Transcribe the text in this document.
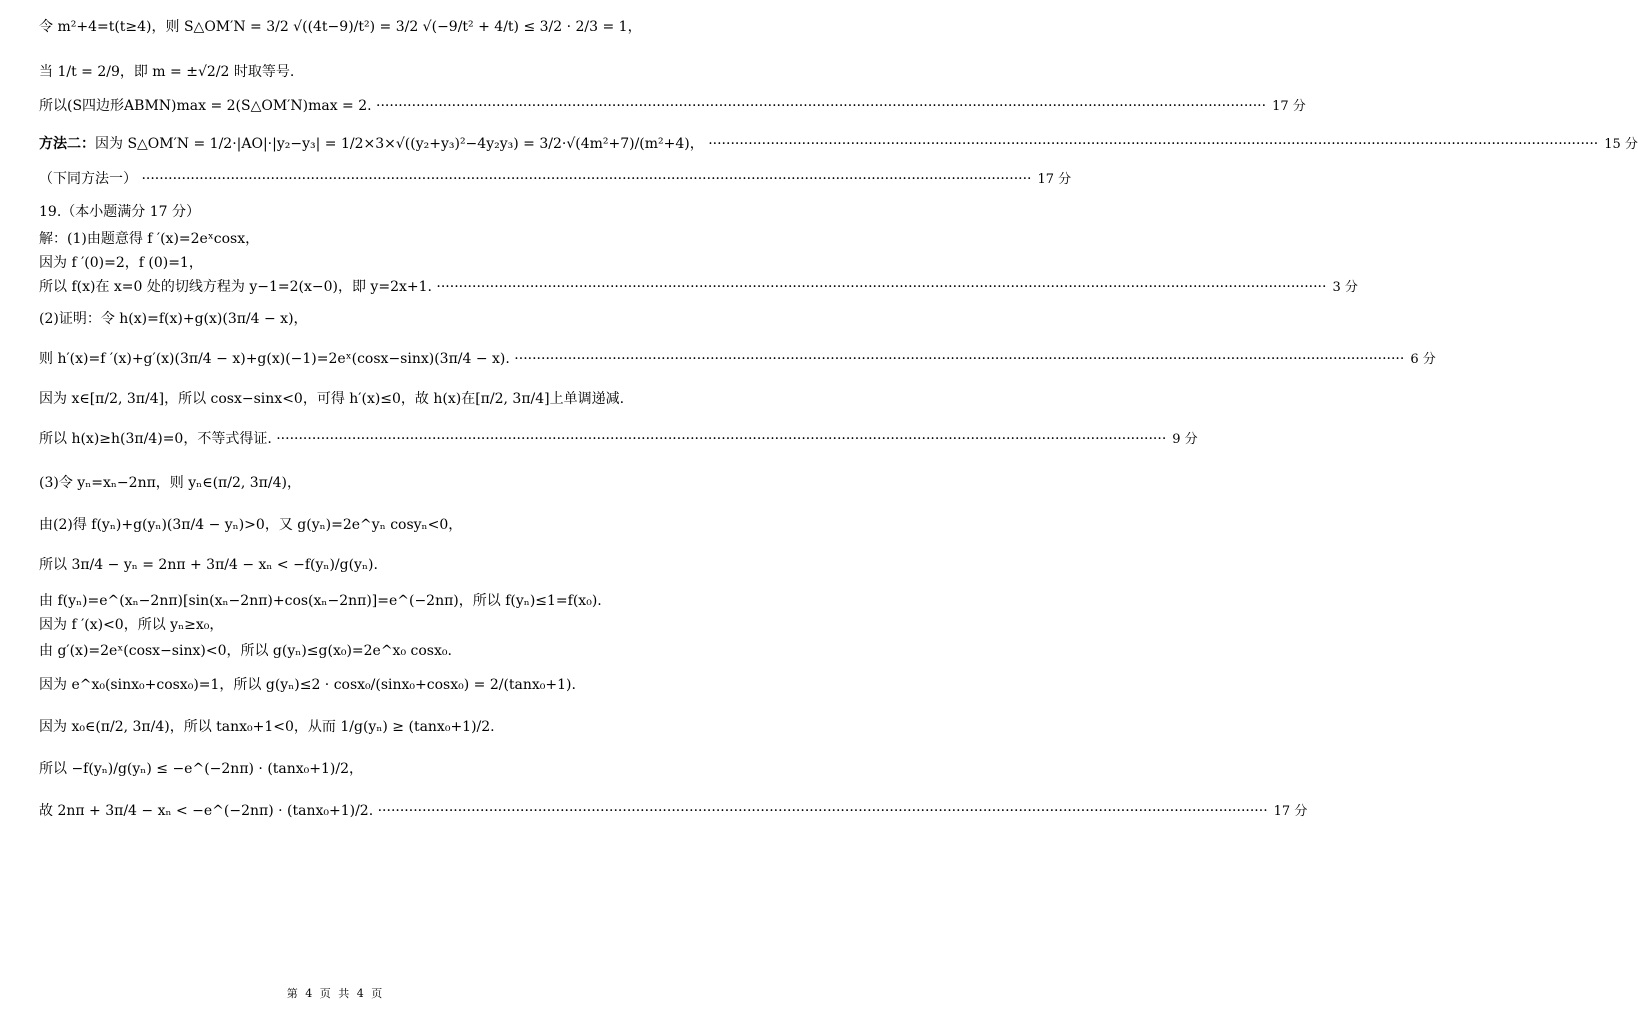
令 m²+4=t(t≥4)，则 S△OM′N = 3/2 √((4t−9)/t²) = 3/2 √(−9/t² + 4/t) ≤ 3/2 · 2/3 = 1，
当 1/t = 2/9，即 m = ±√2/2 时取等号.
所以(S四边形ABMN)max = 2(S△OM′N)max = 2. ········································································································································································································ 17 分
方法二：因为 S△OM′N = 1/2·|AO|·|y₂−y₃| = 1/2×3×√((y₂+y₃)²−4y₂y₃) = 3/2·√(4m²+7)/(m²+4)， ········································································································································································································ 15 分
（下同方法一） ········································································································································································································ 17 分
19.（本小题满分 17 分）
解：(1)由题意得 f ′(x)=2eˣcosx，
因为 f ′(0)=2，f (0)=1，
所以 f(x)在 x=0 处的切线方程为 y−1=2(x−0)，即 y=2x+1. ········································································································································································································ 3 分
(2)证明：令 h(x)=f(x)+g(x)(3π/4 − x)，
则 h′(x)=f ′(x)+g′(x)(3π/4 − x)+g(x)(−1)=2eˣ(cosx−sinx)(3π/4 − x). ········································································································································································································ 6 分
因为 x∈[π/2, 3π/4]，所以 cosx−sinx<0，可得 h′(x)≤0，故 h(x)在[π/2, 3π/4]上单调递减.
所以 h(x)≥h(3π/4)=0，不等式得证. ········································································································································································································ 9 分
(3)令 yₙ=xₙ−2nπ，则 yₙ∈(π/2, 3π/4)，
由(2)得 f(yₙ)+g(yₙ)(3π/4 − yₙ)>0，又 g(yₙ)=2e^yₙ cosyₙ<0，
所以 3π/4 − yₙ = 2nπ + 3π/4 − xₙ < −f(yₙ)/g(yₙ).
由 f(yₙ)=e^(xₙ−2nπ)[sin(xₙ−2nπ)+cos(xₙ−2nπ)]=e^(−2nπ)，所以 f(yₙ)≤1=f(x₀).
因为 f ′(x)<0，所以 yₙ≥x₀，
由 g′(x)=2eˣ(cosx−sinx)<0，所以 g(yₙ)≤g(x₀)=2e^x₀ cosx₀.
因为 e^x₀(sinx₀+cosx₀)=1，所以 g(yₙ)≤2 · cosx₀/(sinx₀+cosx₀) = 2/(tanx₀+1).
因为 x₀∈(π/2, 3π/4)，所以 tanx₀+1<0，从而 1/g(yₙ) ≥ (tanx₀+1)/2.
所以 −f(yₙ)/g(yₙ) ≤ −e^(−2nπ) · (tanx₀+1)/2，
故 2nπ + 3π/4 − xₙ < −e^(−2nπ) · (tanx₀+1)/2. ········································································································································································································ 17 分
第 4 页 共 4 页
